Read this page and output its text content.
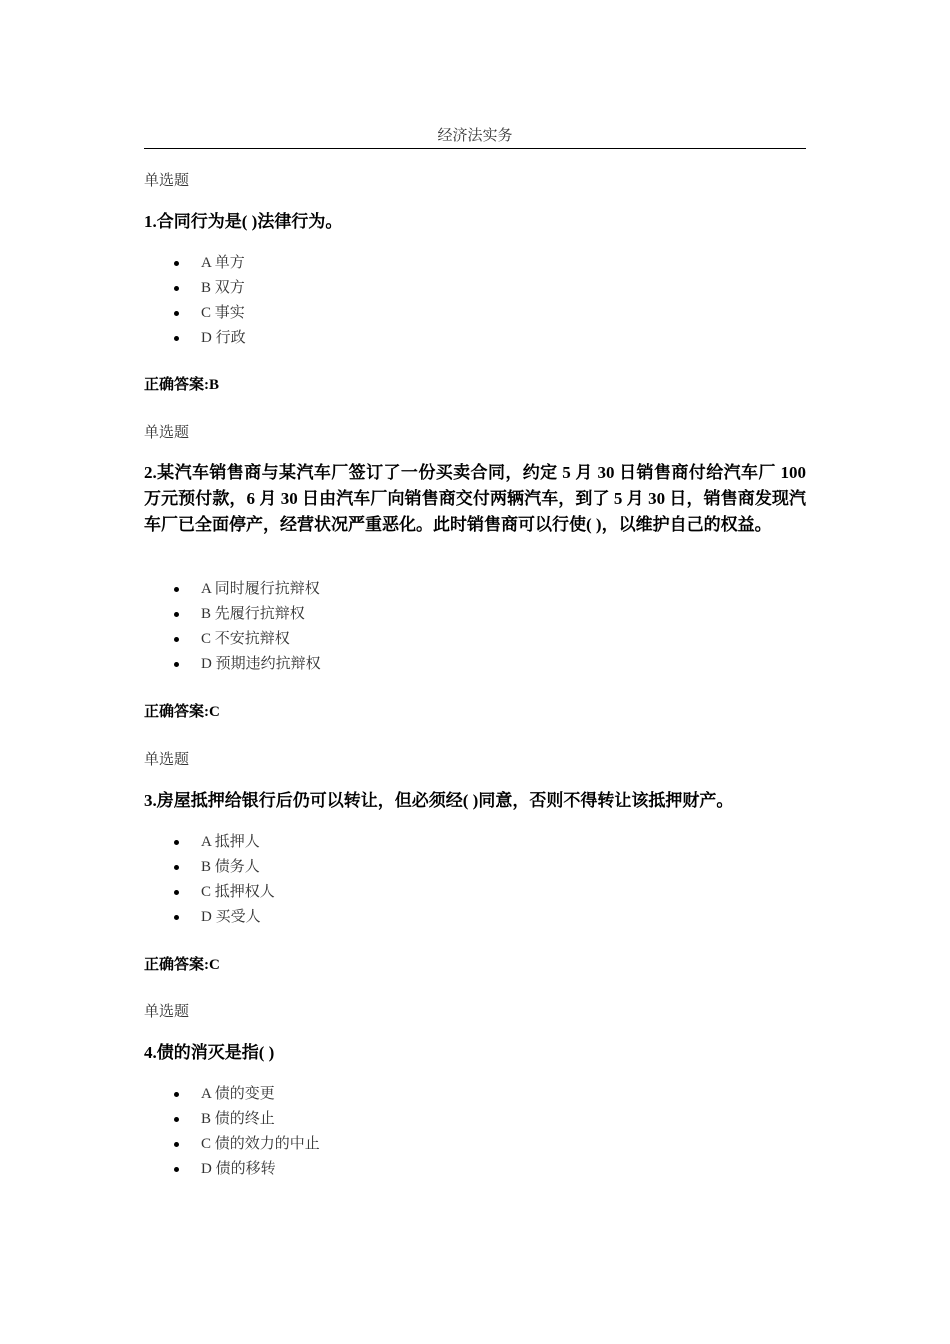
经济法实务
单选题
1.合同行为是( )法律行为。
A 单方
B 双方
C 事实
D 行政
正确答案:B
单选题
2.某汽车销售商与某汽车厂签订了一份买卖合同，约定 5 月 30 日销售商付给汽车厂 100 万元预付款，6 月 30 日由汽车厂向销售商交付两辆汽车，到了 5 月 30 日，销售商发现汽车厂已全面停产，经营状况严重恶化。此时销售商可以行使( )，以维护自己的权益。
A 同时履行抗辩权
B 先履行抗辩权
C 不安抗辩权
D 预期违约抗辩权
正确答案:C
单选题
3.房屋抵押给银行后仍可以转让，但必须经( )同意，否则不得转让该抵押财产。
A 抵押人
B 债务人
C 抵押权人
D 买受人
正确答案:C
单选题
4.债的消灭是指( )
A 债的变更
B 债的终止
C 债的效力的中止
D 债的移转
